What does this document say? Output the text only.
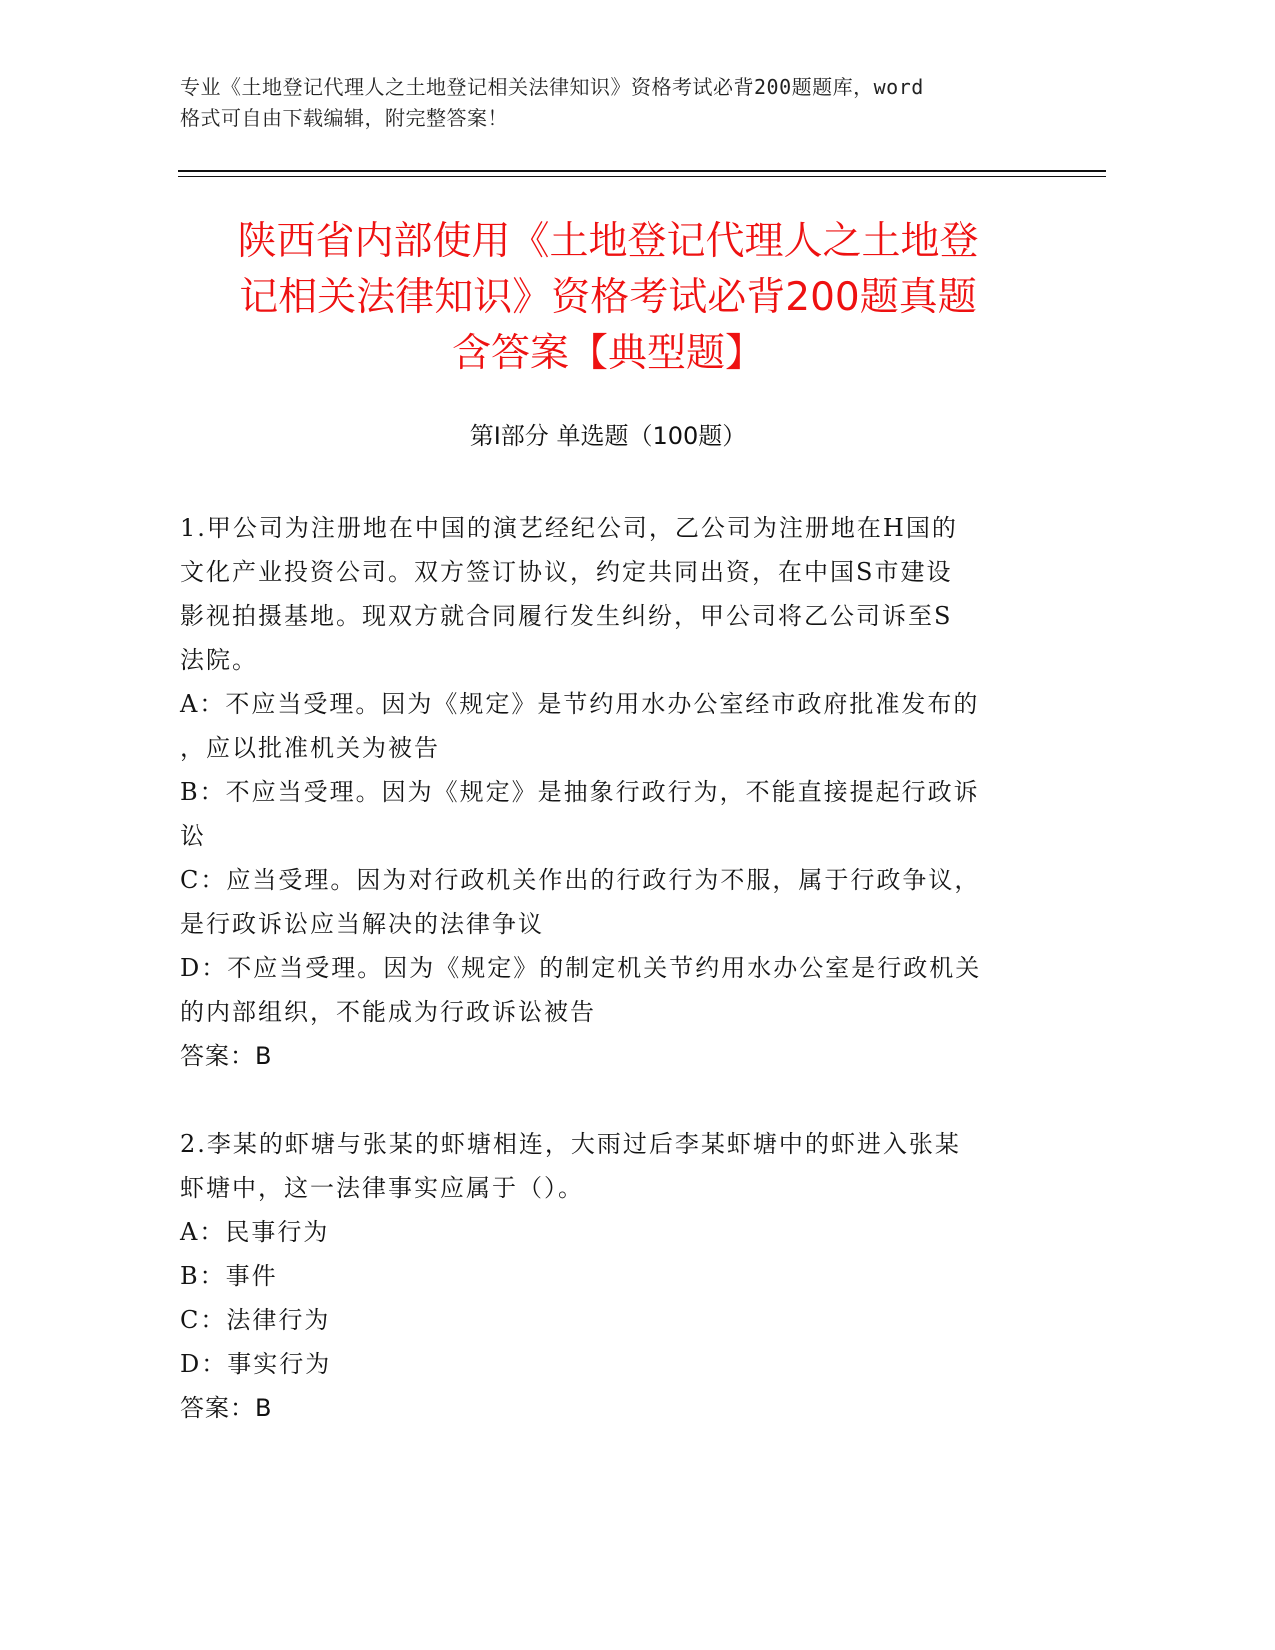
专业《土地登记代理人之土地登记相关法律知识》资格考试必背200题题库，word
格式可自由下载编辑，附完整答案！
陕西省内部使用《土地登记代理人之土地登
记相关法律知识》资格考试必背200题真题
含答案【典型题】
第Ⅰ部分 单选题（100题）
1.甲公司为注册地在中国的演艺经纪公司，乙公司为注册地在H国的
文化产业投资公司。双方签订协议，约定共同出资，在中国S市建设
影视拍摄基地。现双方就合同履行发生纠纷，甲公司将乙公司诉至S
法院。
A：不应当受理。因为《规定》是节约用水办公室经市政府批准发布的
，应以批准机关为被告
B：不应当受理。因为《规定》是抽象行政行为，不能直接提起行政诉
讼
C：应当受理。因为对行政机关作出的行政行为不服，属于行政争议，
是行政诉讼应当解决的法律争议
D：不应当受理。因为《规定》的制定机关节约用水办公室是行政机关
的内部组织，不能成为行政诉讼被告
答案：B
2.李某的虾塘与张某的虾塘相连，大雨过后李某虾塘中的虾进入张某
虾塘中，这一法律事实应属于（）。
A：民事行为
B：事件
C：法律行为
D：事实行为
答案：B
